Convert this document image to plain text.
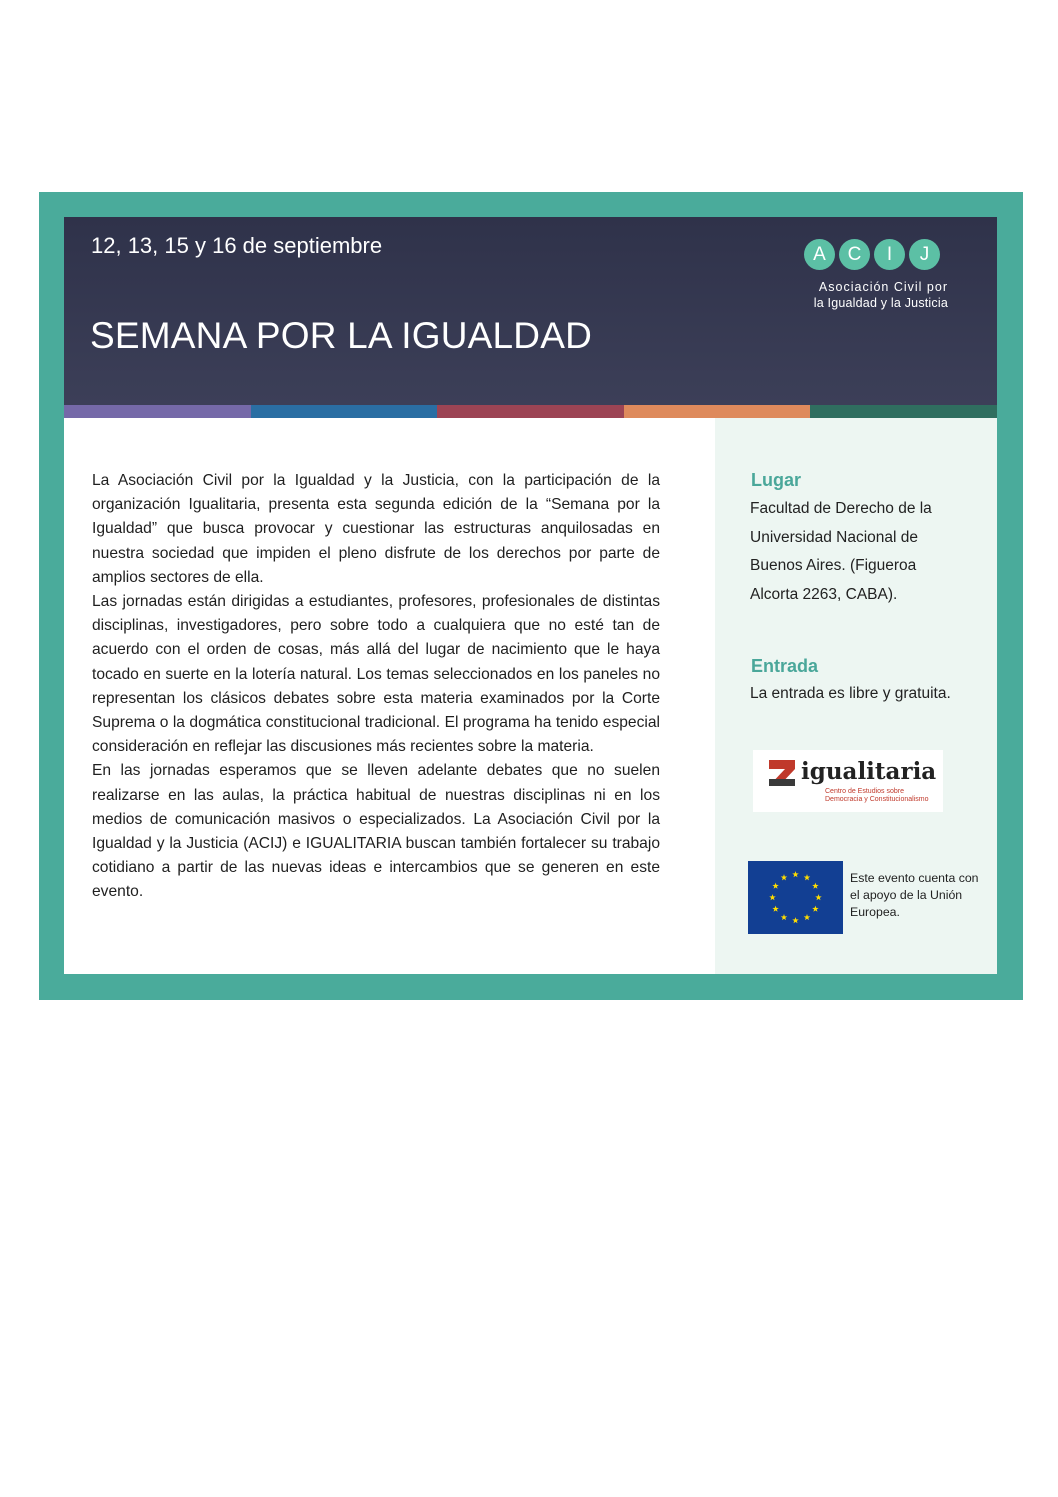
12, 13, 15 y 16 de septiembre
SEMANA POR LA IGUALDAD
A	C	I	J
Asociación Civil por
la Igualdad y la Justicia

La Asociación Civil por la Igualdad y la Justicia, con la participación de la organización Igualitaria, presenta esta segunda edición de la “Semana por la Igualdad” que busca provocar y cuestionar las estructuras anquilosadas en nuestra sociedad que impiden el pleno disfrute de los derechos por parte de amplios sectores de ella.

Las jornadas están dirigidas a estudiantes, profesores, profesionales de distintas disciplinas, investigadores, pero sobre todo a cualquiera que no esté tan de acuerdo con el orden de cosas, más allá del lugar de nacimiento que le haya tocado en suerte en la lotería natural. Los temas seleccionados en los paneles no representan los clásicos debates sobre esta materia examinados por la Corte Suprema o la dogmática constitucional tradicional. El programa ha tenido especial consideración en reflejar las discusiones más recientes sobre la materia.

En las jornadas esperamos que se lleven adelante debates que no suelen realizarse en las aulas, la práctica habitual de nuestras disciplinas ni en los medios de comunicación masivos o especializados. La Asociación Civil por la Igualdad y la Justicia (ACIJ) e IGUALITARIA buscan también fortalecer su trabajo cotidiano a partir de las nuevas ideas e intercambios que se generen en este evento.

Lugar
Facultad de Derecho de la Universidad Nacional de Buenos Aires. (Figueroa Alcorta 2263, CABA).
Entrada
La entrada es libre y gratuita.
igualitaria
Centro de Estudios sobre
Democracia y Constitucionalismo
Este evento cuenta con el apoyo de la Unión Europea.
